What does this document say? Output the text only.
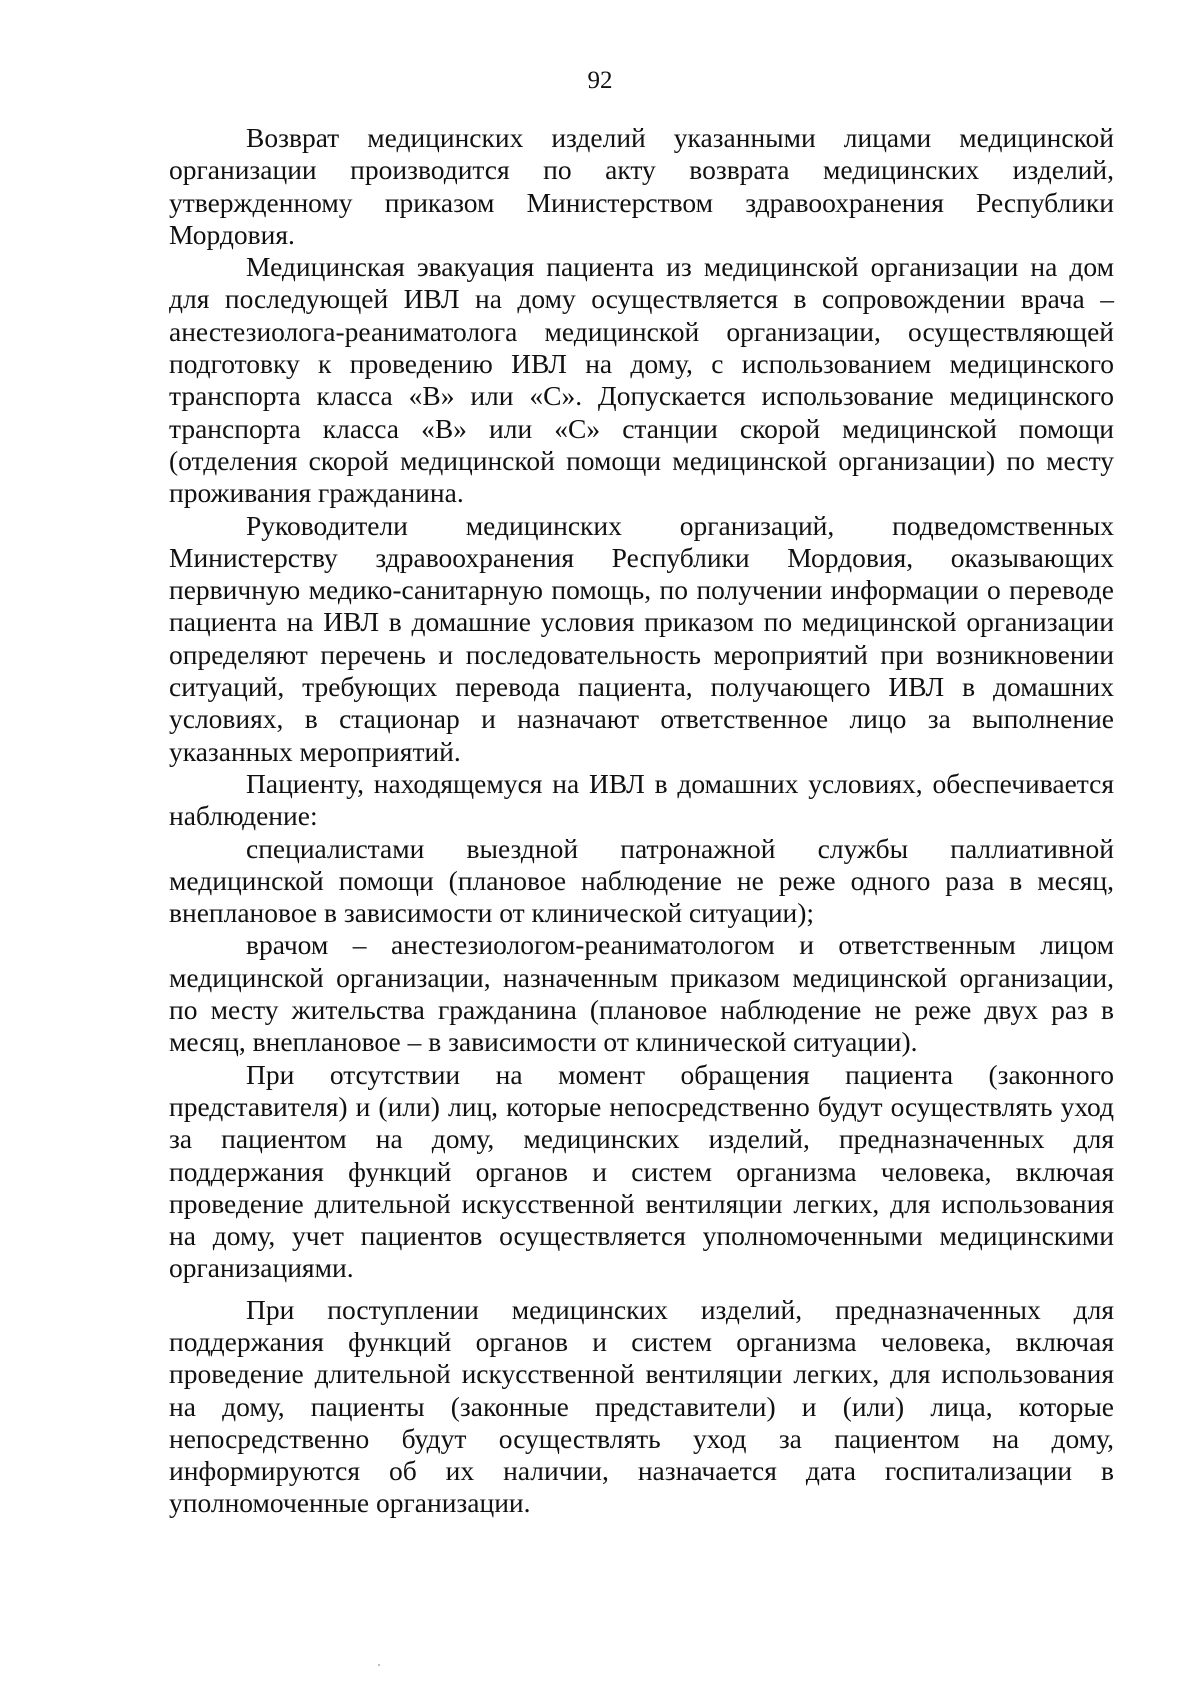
92

Возврат медицинских изделий указанными лицами медицинской организации производится по акту возврата медицинских изделий, утвержденному приказом Министерством здравоохранения Республики Мордовия.

Медицинская эвакуация пациента из медицинской организации на дом для последующей ИВЛ на дому осуществляется в сопровождении врача – анестезиолога-реаниматолога медицинской организации, осуществляющей подготовку к проведению ИВЛ на дому, с использованием медицинского транспорта класса «В» или «С». Допускается использование медицинского транспорта класса «В» или «С» станции скорой медицинской помощи (отделения скорой медицинской помощи медицинской организации) по месту проживания гражданина.

Руководители медицинских организаций, подведомственных Министерству здравоохранения Республики Мордовия, оказывающих первичную медико-санитарную помощь, по получении информации о переводе пациента на ИВЛ в домашние условия приказом по медицинской организации определяют перечень и последовательность мероприятий при возникновении ситуаций, требующих перевода пациента, получающего ИВЛ в домашних условиях, в стационар и назначают ответственное лицо за выполнение указанных мероприятий.

Пациенту, находящемуся на ИВЛ в домашних условиях, обеспечивается наблюдение:

специалистами выездной патронажной службы паллиативной медицинской помощи (плановое наблюдение не реже одного раза в месяц, внеплановое в зависимости от клинической ситуации);

врачом – анестезиологом-реаниматологом и ответственным лицом медицинской организации, назначенным приказом медицинской организации, по месту жительства гражданина (плановое наблюдение не реже двух раз в месяц, внеплановое – в зависимости от клинической ситуации).

При отсутствии на момент обращения пациента (законного представителя) и (или) лиц, которые непосредственно будут осуществлять уход за пациентом на дому, медицинских изделий, предназначенных для поддержания функций органов и систем организма человека, включая проведение длительной искусственной вентиляции легких, для использования на дому, учет пациентов осуществляется уполномоченными медицинскими организациями.

При поступлении медицинских изделий, предназначенных для поддержания функций органов и систем организма человека, включая проведение длительной искусственной вентиляции легких, для использования на дому, пациенты (законные представители) и (или) лица, которые непосредственно будут осуществлять уход за пациентом на дому, информируются об их наличии, назначается дата госпитализации в уполномоченные организации.
